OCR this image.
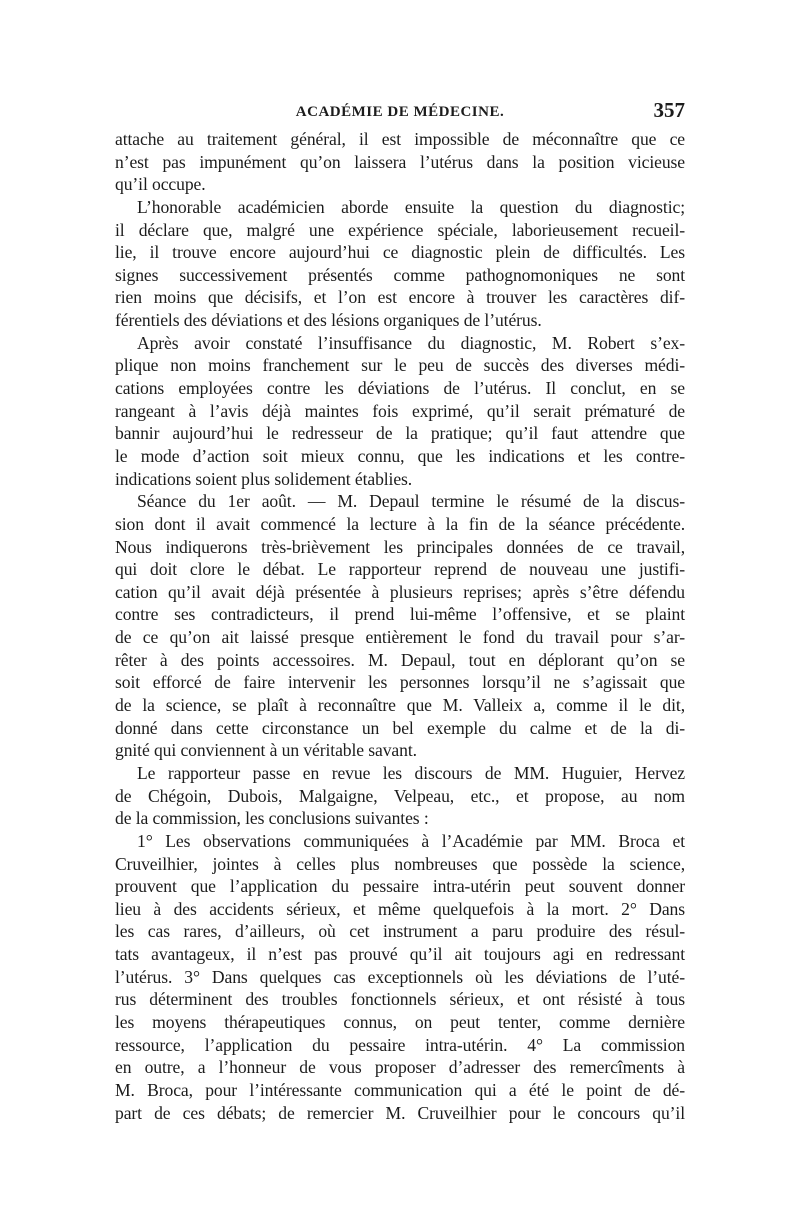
ACADÉMIE DE MÉDECINE.	357
attache au traitement général, il est impossible de méconnaître que ce
n’est pas impunément qu’on laissera l’utérus dans la position vicieuse
qu’il occupe.
L’honorable académicien aborde ensuite la question du diagnostic;
il déclare que, malgré une expérience spéciale, laborieusement recueil-
lie, il trouve encore aujourd’hui ce diagnostic plein de difficultés. Les
signes successivement présentés comme pathognomoniques ne sont
rien moins que décisifs, et l’on est encore à trouver les caractères dif-
férentiels des déviations et des lésions organiques de l’utérus.
Après avoir constaté l’insuffisance du diagnostic, M. Robert s’ex-
plique non moins franchement sur le peu de succès des diverses médi-
cations employées contre les déviations de l’utérus. Il conclut, en se
rangeant à l’avis déjà maintes fois exprimé, qu’il serait prématuré de
bannir aujourd’hui le redresseur de la pratique; qu’il faut attendre que
le mode d’action soit mieux connu, que les indications et les contre-
indications soient plus solidement établies.
Séance du 1er août. — M. Depaul termine le résumé de la discus-
sion dont il avait commencé la lecture à la fin de la séance précédente.
Nous indiquerons très-brièvement les principales données de ce travail,
qui doit clore le débat. Le rapporteur reprend de nouveau une justifi-
cation qu’il avait déjà présentée à plusieurs reprises; après s’être défendu
contre ses contradicteurs, il prend lui-même l’offensive, et se plaint
de ce qu’on ait laissé presque entièrement le fond du travail pour s’ar-
rêter à des points accessoires. M. Depaul, tout en déplorant qu’on se
soit efforcé de faire intervenir les personnes lorsqu’il ne s’agissait que
de la science, se plaît à reconnaître que M. Valleix a, comme il le dit,
donné dans cette circonstance un bel exemple du calme et de la di-
gnité qui conviennent à un véritable savant.
Le rapporteur passe en revue les discours de MM. Huguier, Hervez
de Chégoin, Dubois, Malgaigne, Velpeau, etc., et propose, au nom
de la commission, les conclusions suivantes :
1° Les observations communiquées à l’Académie par MM. Broca et
Cruveilhier, jointes à celles plus nombreuses que possède la science,
prouvent que l’application du pessaire intra-utérin peut souvent donner
lieu à des accidents sérieux, et même quelquefois à la mort. 2° Dans
les cas rares, d’ailleurs, où cet instrument a paru produire des résul-
tats avantageux, il n’est pas prouvé qu’il ait toujours agi en redressant
l’utérus. 3° Dans quelques cas exceptionnels où les déviations de l’uté-
rus déterminent des troubles fonctionnels sérieux, et ont résisté à tous
les moyens thérapeutiques connus, on peut tenter, comme dernière
ressource, l’application du pessaire intra-utérin. 4° La commission
en outre, a l’honneur de vous proposer d’adresser des remercîments à
M. Broca, pour l’intéressante communication qui a été le point de dé-
part de ces débats; de remercier M. Cruveilhier pour le concours qu’il
